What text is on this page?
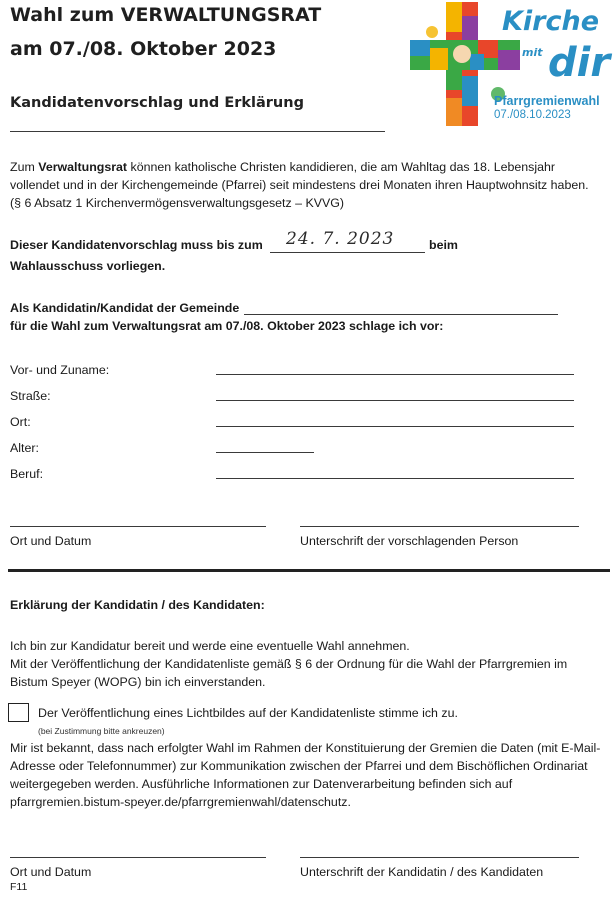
Wahl zum VERWALTUNGSRAT
am 07./08. Oktober 2023
Kandidatenvorschlag und Erklärung
Kirche
mit dir
Pfarrgremienwahl
07./08.10.2023
Zum Verwaltungsrat können katholische Christen kandidieren, die am Wahltag das 18. Lebensjahr
vollendet und in der Kirchengemeinde (Pfarrei) seit mindestens drei Monaten ihren Hauptwohnsitz haben.
(§ 6 Absatz 1 Kirchenvermögensverwaltungsgesetz – KVVG)
Dieser Kandidatenvorschlag muss bis zum 24. 7. 2023	beim
Wahlausschuss vorliegen.
Als Kandidatin/Kandidat der Gemeinde
für die Wahl zum Verwaltungsrat am 07./08. Oktober 2023 schlage ich vor:
Vor- und Zuname:
Straße:
Ort:
Alter:
Beruf:
Ort und Datum	Unterschrift der vorschlagenden Person
Erklärung der Kandidatin / des Kandidaten:
Ich bin zur Kandidatur bereit und werde eine eventuelle Wahl annehmen.
Mit der Veröffentlichung der Kandidatenliste gemäß § 6 der Ordnung für die Wahl der Pfarrgremien im
Bistum Speyer (WOPG) bin ich einverstanden.
Der Veröffentlichung eines Lichtbildes auf der Kandidatenliste stimme ich zu.
(bei Zustimmung bitte ankreuzen)
Mir ist bekannt, dass nach erfolgter Wahl im Rahmen der Konstituierung der Gremien die Daten (mit E-Mail-
Adresse oder Telefonnummer) zur Kommunikation zwischen der Pfarrei und dem Bischöflichen Ordinariat
weitergegeben werden. Ausführliche Informationen zur Datenverarbeitung befinden sich auf
pfarrgremien.bistum-speyer.de/pfarrgremienwahl/datenschutz.
Ort und Datum	Unterschrift der Kandidatin / des Kandidaten
F11
